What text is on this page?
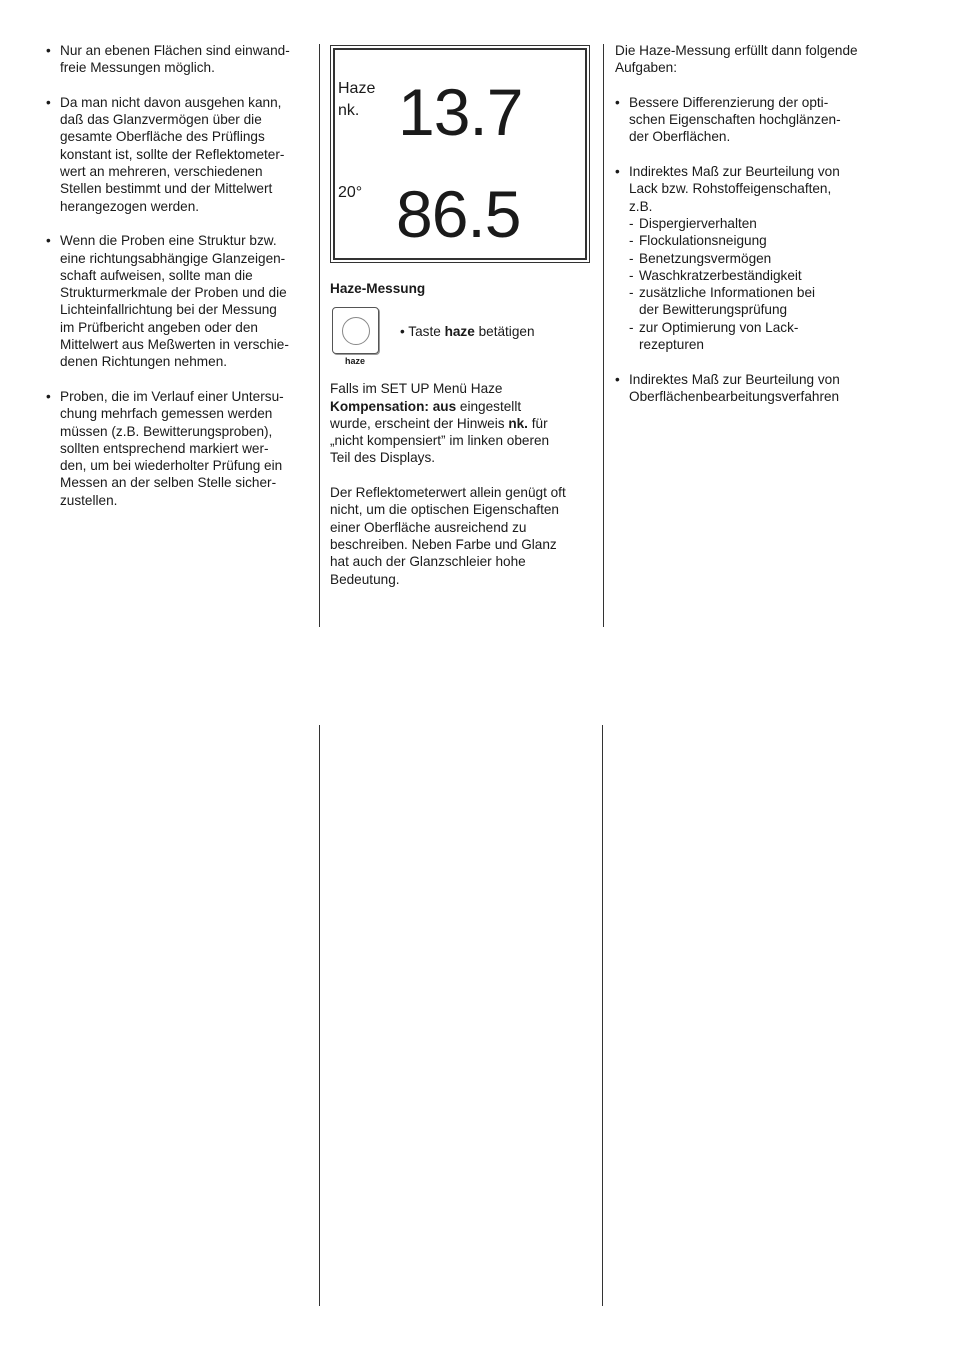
• Nur an ebenen Flächen sind einwand-
freie Messungen möglich.
• Da man nicht davon ausgehen kann,
daß das Glanzvermögen über die
gesamte Oberfläche des Prüflings
konstant ist, sollte der Reflektometer-
wert an mehreren, verschiedenen
Stellen bestimmt und der Mittelwert
herangezogen werden.
• Wenn die Proben eine Struktur bzw.
eine richtungsabhängige Glanzeigen-
schaft aufweisen, sollte man die
Strukturmerkmale der Proben und die
Lichteinfallrichtung bei der Messung
im Prüfbericht angeben oder den
Mittelwert aus Meßwerten in verschie-
denen Richtungen nehmen.
• Proben, die im Verlauf einer Untersu-
chung mehrfach gemessen werden
müssen (z.B. Bewitterungsproben),
sollten entsprechend markiert wer-
den, um bei wiederholter Prüfung ein
Messen an der selben Stelle sicher-
zustellen.
Haze
nk. 13.7
20° 86.5
Haze-Messung
haze
• Taste haze betätigen

Falls im SET UP Menü Haze
Kompensation: aus eingestellt
wurde, erscheint der Hinweis nk. für
„nicht kompensiert” im linken oberen
Teil des Displays.

Der Reflektometerwert allein genügt oft
nicht, um die optischen Eigenschaften
einer Oberfläche ausreichend zu
beschreiben. Neben Farbe und Glanz
hat auch der Glanzschleier hohe
Bedeutung.

Die Haze-Messung erfüllt dann folgende
Aufgaben:

• Bessere Differenzierung der opti-
schen Eigenschaften hochglänzen-
der Oberflächen.
• Indirektes Maß zur Beurteilung von
Lack bzw. Rohstoffeigenschaften,
z.B.
- Dispergierverhalten
- Flockulationsneigung
- Benetzungsvermögen
- Waschkratzerbeständigkeit
- zusätzliche Informationen bei
der Bewitterungsprüfung
- zur Optimierung von Lack-
rezepturen
• Indirektes Maß zur Beurteilung von
Oberflächenbearbeitungsverfahren
